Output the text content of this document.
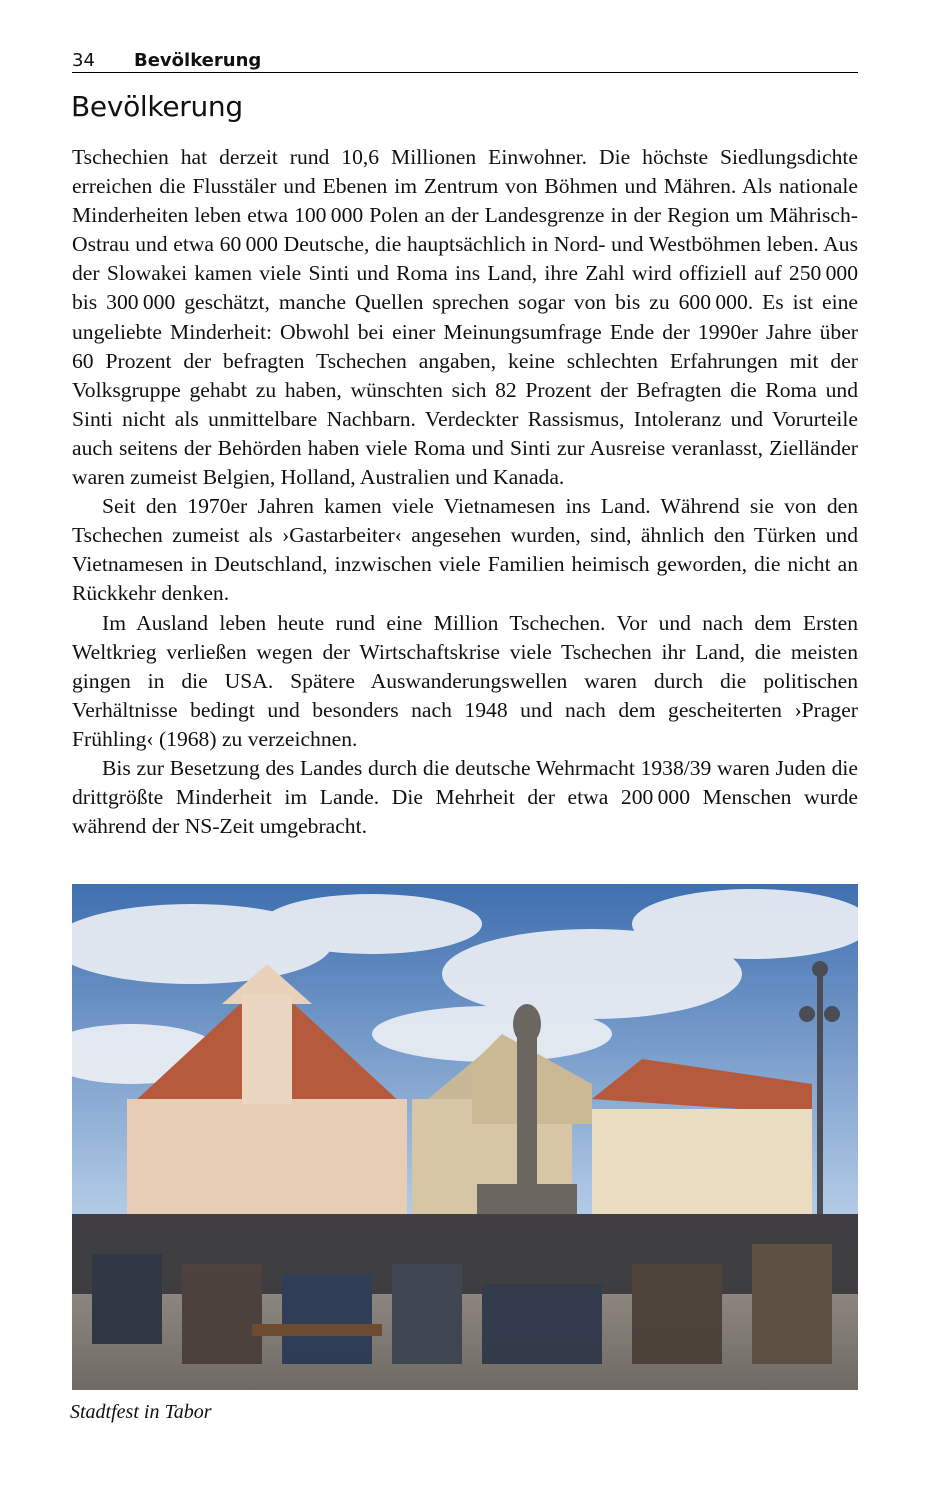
34 Bevölkerung
Bevölkerung

Tschechien hat derzeit rund 10,6 Millionen Einwohner. Die höchste Siedlungsdichte erreichen die Flusstäler und Ebenen im Zentrum von Böhmen und Mähren. Als nationale Minderheiten leben etwa 100 000 Polen an der Landesgrenze in der Region um Mährisch-Ostrau und etwa 60 000 Deutsche, die hauptsächlich in Nord- und Westböhmen leben. Aus der Slowakei kamen viele Sinti und Roma ins Land, ihre Zahl wird offiziell auf 250 000 bis 300 000 geschätzt, manche Quellen sprechen sogar von bis zu 600 000. Es ist eine ungeliebte Minderheit: Obwohl bei einer Meinungsumfrage Ende der 1990er Jahre über 60 Prozent der befragten Tschechen angaben, keine schlechten Erfahrungen mit der Volksgruppe gehabt zu haben, wünschten sich 82 Prozent der Befragten die Roma und Sinti nicht als unmittelbare Nachbarn. Verdeckter Rassismus, Intoleranz und Vorurteile auch seitens der Behörden haben viele Roma und Sinti zur Ausreise veranlasst, Zielländer waren zumeist Belgien, Holland, Australien und Kanada.

Seit den 1970er Jahren kamen viele Vietnamesen ins Land. Während sie von den Tschechen zumeist als ›Gastarbeiter‹ angesehen wurden, sind, ähnlich den Türken und Vietnamesen in Deutschland, inzwischen viele Familien heimisch geworden, die nicht an Rückkehr denken.

Im Ausland leben heute rund eine Million Tschechen. Vor und nach dem Ersten Weltkrieg verließen wegen der Wirtschaftskrise viele Tschechen ihr Land, die meisten gingen in die USA. Spätere Auswanderungswellen waren durch die politischen Verhältnisse bedingt und besonders nach 1948 und nach dem gescheiterten ›Prager Frühling‹ (1968) zu verzeichnen.

Bis zur Besetzung des Landes durch die deutsche Wehrmacht 1938/39 waren Juden die drittgrößte Minderheit im Lande. Die Mehrheit der etwa 200 000 Menschen wurde während der NS-Zeit umgebracht.

Stadtfest in Tabor
